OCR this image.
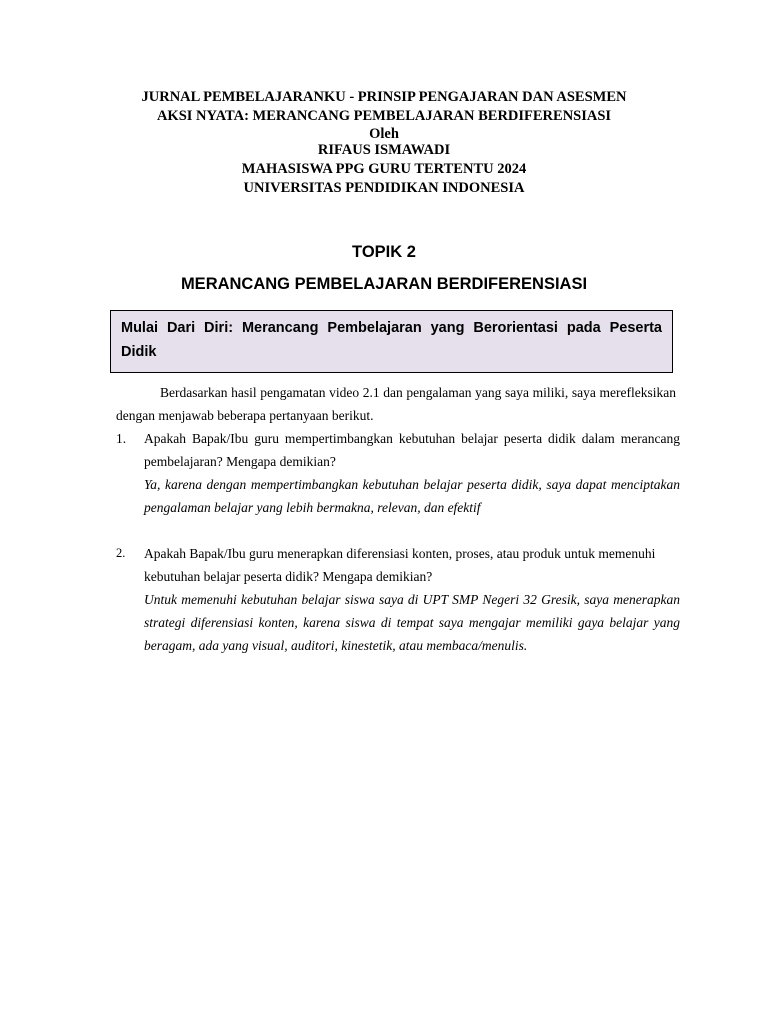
JURNAL PEMBELAJARANKU - PRINSIP PENGAJARAN DAN ASESMEN
AKSI NYATA: MERANCANG PEMBELAJARAN BERDIFERENSIASI
Oleh
RIFAUS ISMAWADI
MAHASISWA PPG GURU TERTENTU 2024
UNIVERSITAS PENDIDIKAN INDONESIA
TOPIK 2
MERANCANG PEMBELAJARAN BERDIFERENSIASI
Mulai Dari Diri: Merancang Pembelajaran yang Berorientasi pada Peserta Didik
Berdasarkan hasil pengamatan video 2.1 dan pengalaman yang saya miliki, saya merefleksikan dengan menjawab beberapa pertanyaan berikut.
1.	Apakah Bapak/Ibu guru mempertimbangkan kebutuhan belajar peserta didik dalam merancang pembelajaran? Mengapa demikian?
Ya, karena dengan mempertimbangkan kebutuhan belajar peserta didik, saya dapat menciptakan pengalaman belajar yang lebih bermakna, relevan, dan efektif
2.	Apakah Bapak/Ibu guru menerapkan diferensiasi konten, proses, atau produk untuk memenuhi kebutuhan belajar peserta didik? Mengapa demikian?
Untuk memenuhi kebutuhan belajar siswa saya di UPT SMP Negeri 32 Gresik, saya menerapkan strategi diferensiasi konten, karena siswa di tempat saya mengajar memiliki gaya belajar yang beragam, ada yang visual, auditori, kinestetik, atau membaca/menulis.
